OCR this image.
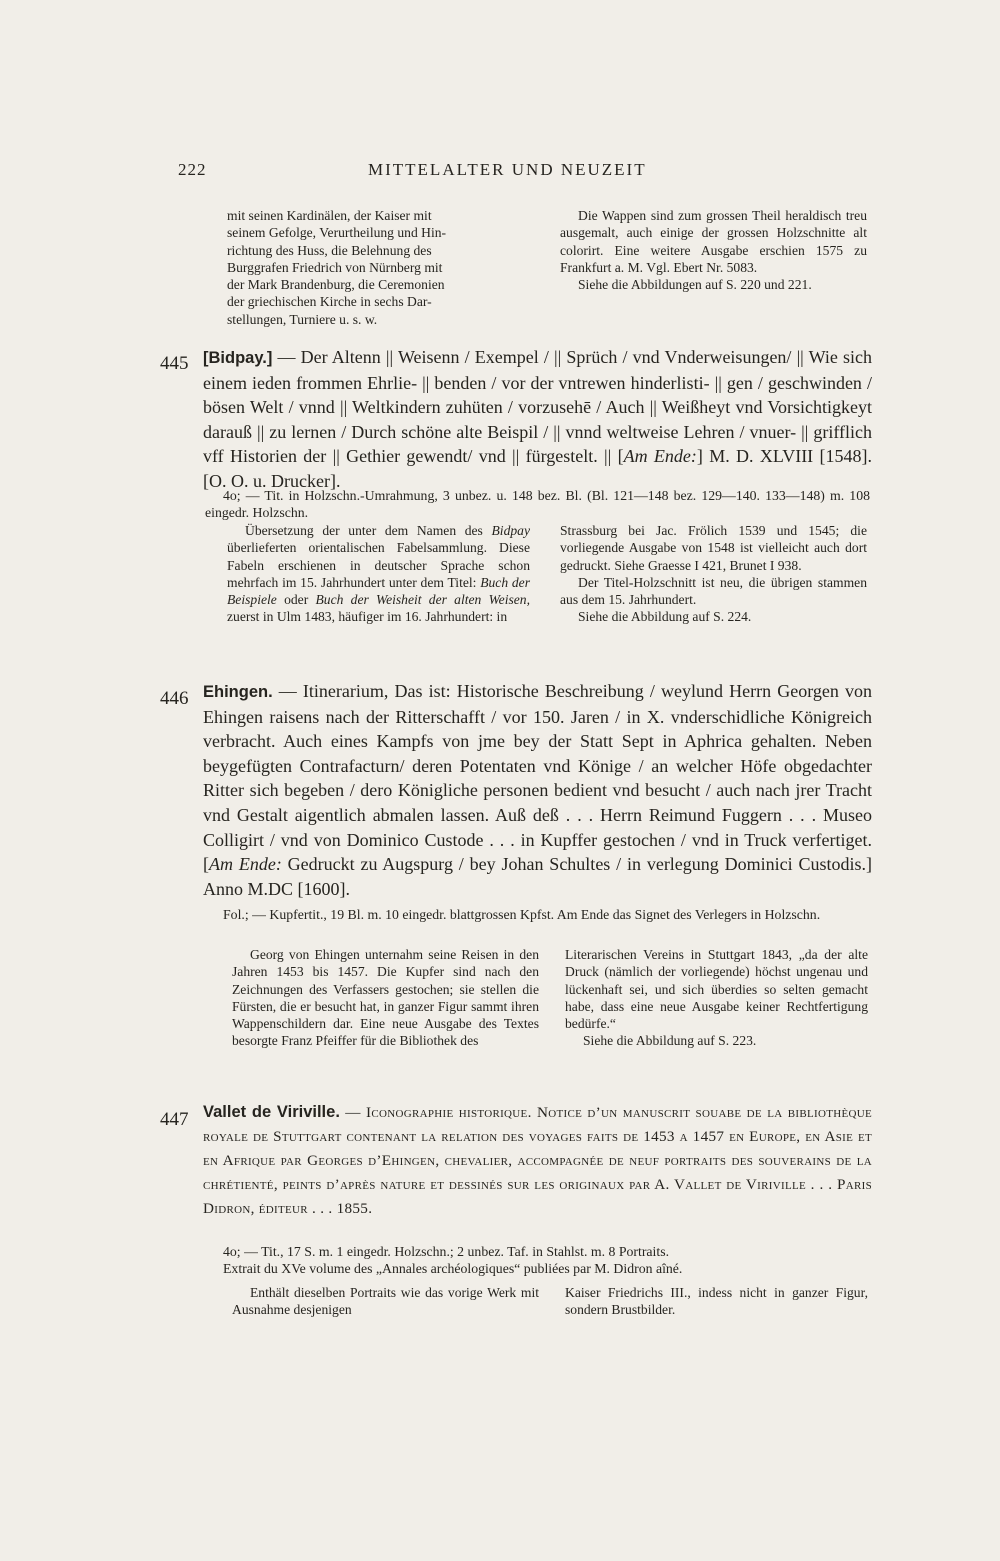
222	MITTELALTER UND NEUZEIT
mit seinen Kardinälen, der Kaiser mit
seinem Gefolge, Verurtheilung und Hin-
richtung des Huss, die Belehnung des
Burggrafen Friedrich von Nürnberg mit
der Mark Brandenburg, die Ceremonien
der griechischen Kirche in sechs Dar-
stellungen, Turniere u. s. w.

Die Wappen sind zum grossen Theil heraldisch treu ausgemalt, auch einige der grossen Holzschnitte alt colorirt. Eine weitere Ausgabe erschien 1575 zu Frankfurt a. M. Vgl. Ebert Nr. 5083.

Siehe die Abbildungen auf S. 220 und 221.

445 [Bidpay.] — Der Altenn || Weisenn / Exempel / || Sprüch / vnd Vnderweisungen/ || Wie sich einem ieden frommen Ehrlie- || benden / vor der vntrewen hinderlisti- || gen / geschwinden / bösen Welt / vnnd || Weltkindern zuhüten / vorzusehē / Auch || Weißheyt vnd Vorsichtigkeyt darauß || zu lernen / Durch schöne alte Beispil / || vnnd weltweise Lehren / vnuer- || grifflich vff Historien der || Gethier gewendt/ vnd || fürgestelt. || [Am Ende:] M. D. XLVIII [1548]. [O. O. u. Drucker].
4o; — Tit. in Holzschn.-Umrahmung, 3 unbez. u. 148 bez. Bl. (Bl. 121—148 bez. 129—140. 133—148) m. 108 eingedr. Holzschn.

Übersetzung der unter dem Namen des Bidpay überlieferten orientalischen Fabelsammlung. Diese Fabeln erschienen in deutscher Sprache schon mehrfach im 15. Jahrhundert unter dem Titel: Buch der Beispiele oder Buch der Weisheit der alten Weisen, zuerst in Ulm 1483, häufiger im 16. Jahrhundert: in

Strassburg bei Jac. Frölich 1539 und 1545; die vorliegende Ausgabe von 1548 ist vielleicht auch dort gedruckt. Siehe Graesse I 421, Brunet I 938.

Der Titel-Holzschnitt ist neu, die übrigen stammen aus dem 15. Jahrhundert.

Siehe die Abbildung auf S. 224.

446 Ehingen. — Itinerarium, Das ist: Historische Beschreibung / weylund Herrn Georgen von Ehingen raisens nach der Ritterschafft / vor 150. Jaren / in X. vnderschidliche Königreich verbracht. Auch eines Kampfs von jme bey der Statt Sept in Aphrica gehalten. Neben beygefügten Contrafacturn/ deren Potentaten vnd Könige / an welcher Höfe obgedachter Ritter sich begeben / dero Königliche personen bedient vnd besucht / auch nach jrer Tracht vnd Gestalt aigentlich abmalen lassen. Auß deß . . . Herrn Reimund Fuggern . . . Museo Colligirt / vnd von Dominico Custode . . . in Kupffer gestochen / vnd in Truck verfertiget. [Am Ende: Gedruckt zu Augspurg / bey Johan Schultes / in verlegung Dominici Custodis.] Anno M.DC [1600].
Fol.; — Kupfertit., 19 Bl. m. 10 eingedr. blattgrossen Kpfst. Am Ende das Signet des Verlegers in Holzschn.

Georg von Ehingen unternahm seine Reisen in den Jahren 1453 bis 1457. Die Kupfer sind nach den Zeichnungen des Verfassers gestochen; sie stellen die Fürsten, die er besucht hat, in ganzer Figur sammt ihren Wappenschildern dar. Eine neue Ausgabe des Textes besorgte Franz Pfeiffer für die Bibliothek des

Literarischen Vereins in Stuttgart 1843, „da der alte Druck (nämlich der vorliegende) höchst ungenau und lückenhaft sei, und sich überdies so selten gemacht habe, dass eine neue Ausgabe keiner Rechtfertigung bedürfe.“

Siehe die Abbildung auf S. 223.

447 Vallet de Viriville. — Iconographie historique. Notice d’un manuscrit souabe de la bibliothèque royale de Stuttgart contenant la relation des voyages faits de 1453 a 1457 en Europe, en Asie et en Afrique par Georges d’Ehingen, chevalier, accompagnée de neuf portraits des souverains de la chrétienté, peints d’après nature et dessinés sur les originaux par A. Vallet de Viriville . . . Paris Didron, éditeur . . . 1855.
4o; — Tit., 17 S. m. 1 eingedr. Holzschn.; 2 unbez. Taf. in Stahlst. m. 8 Portraits.
Extrait du XVe volume des „Annales archéologiques“ publiées par M. Didron aîné.

Enthält dieselben Portraits wie das vorige Werk mit Ausnahme desjenigen

Kaiser Friedrichs III., indess nicht in ganzer Figur, sondern Brustbilder.
